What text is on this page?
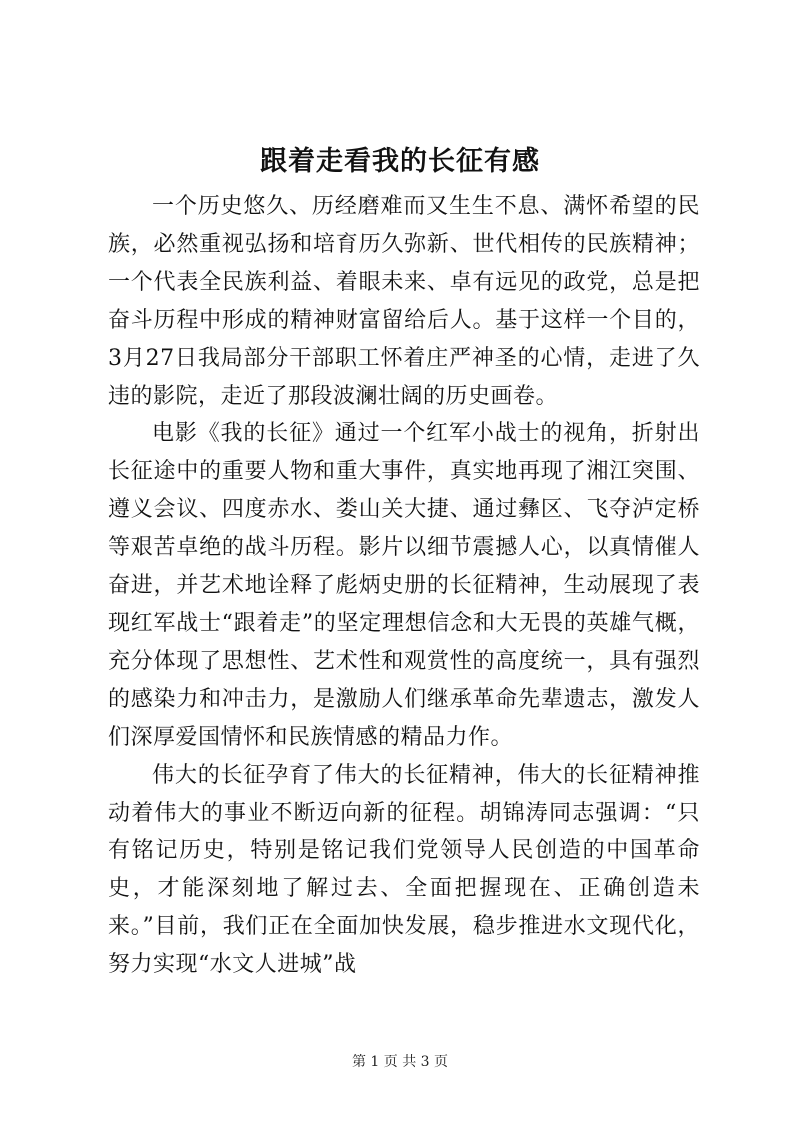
跟着走看我的长征有感

一个历史悠久、历经磨难而又生生不息、满怀希望的民族，必然重视弘扬和培育历久弥新、世代相传的民族精神；一个代表全民族利益、着眼未来、卓有远见的政党，总是把奋斗历程中形成的精神财富留给后人。基于这样一个目的，3月27日我局部分干部职工怀着庄严神圣的心情，走进了久违的影院，走近了那段波澜壮阔的历史画卷。

电影《我的长征》通过一个红军小战士的视角，折射出长征途中的重要人物和重大事件，真实地再现了湘江突围、遵义会议、四度赤水、娄山关大捷、通过彝区、飞夺泸定桥等艰苦卓绝的战斗历程。影片以细节震撼人心，以真情催人奋进，并艺术地诠释了彪炳史册的长征精神，生动展现了表现红军战士“跟着走”的坚定理想信念和大无畏的英雄气概，充分体现了思想性、艺术性和观赏性的高度统一，具有强烈的感染力和冲击力，是激励人们继承革命先辈遗志，激发人们深厚爱国情怀和民族情感的精品力作。

伟大的长征孕育了伟大的长征精神，伟大的长征精神推动着伟大的事业不断迈向新的征程。胡锦涛同志强调：“只有铭记历史，特别是铭记我们党领导人民创造的中国革命史，才能深刻地了解过去、全面把握现在、正确创造未来。”目前，我们正在全面加快发展，稳步推进水文现代化，努力实现“水文人进城”战

第 1 页 共 3 页
